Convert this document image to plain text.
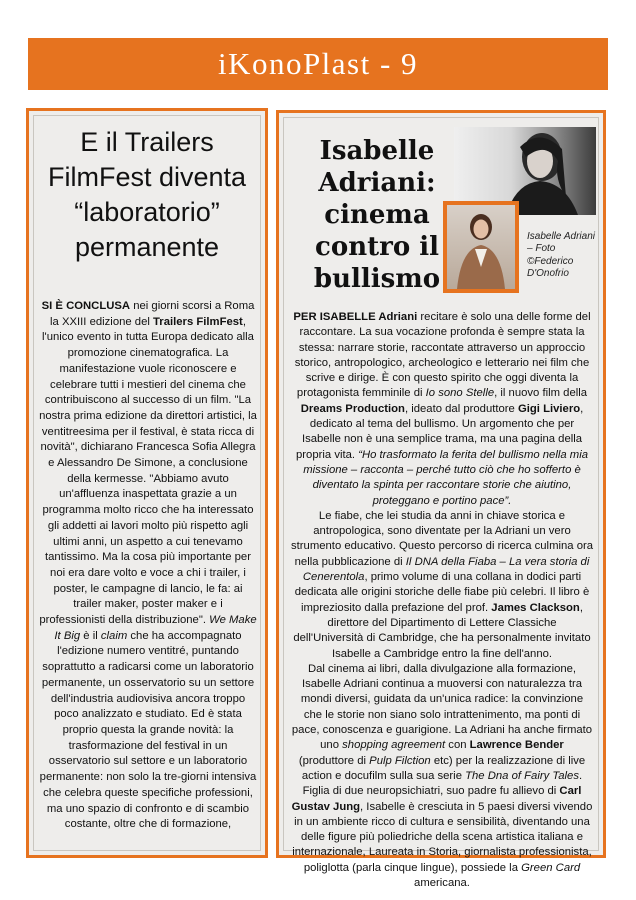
iKonoPlast - 9
E il Trailers FilmFest diventa “laboratorio” permanente
SI È CONCLUSA nei giorni scorsi a Roma la XXIII edizione del Trailers FilmFest, l'unico evento in tutta Europa dedicato alla promozione cinematografica. La manifestazione vuole riconoscere e celebrare tutti i mestieri del cinema che contribuiscono al successo di un film. "La nostra prima edizione da direttori artistici, la ventitreesima per il festival, è stata ricca di novità", dichiarano Francesca Sofia Allegra e Alessandro De Simone, a conclusione della kermesse. "Abbiamo avuto un'affluenza inaspettata grazie a un programma molto ricco che ha interessato gli addetti ai lavori molto più rispetto agli ultimi anni, un aspetto a cui tenevamo tantissimo. Ma la cosa più importante per noi era dare volto e voce a chi i trailer, i poster, le campagne di lancio, le fa: ai trailer maker, poster maker e i professionisti della distribuzione". We Make It Big è il claim che ha accompagnato l'edizione numero ventitré, puntando soprattutto a radicarsi come un laboratorio permanente, un osservatorio su un settore dell'industria audiovisiva ancora troppo poco analizzato e studiato. Ed è stata proprio questa la grande novità: la trasformazione del festival in un osservatorio sul settore e un laboratorio permanente: non solo la tre-giorni intensiva che celebra queste specifiche professioni, ma uno spazio di confronto e di scambio costante, oltre che di formazione,
Isabelle Adriani: cinema contro il bullismo
Isabelle Adriani – Foto ©Federico D'Onofrio
PER ISABELLE Adriani recitare è solo una delle forme del raccontare. La sua vocazione profonda è sempre stata la stessa: narrare storie, raccontate attraverso un approccio storico, antropologico, archeologico e letterario nei film che scrive e dirige. È con questo spirito che oggi diventa la protagonista femminile di Io sono Stelle, il nuovo film della Dreams Production, ideato dal produttore Gigi Liviero, dedicato al tema del bullismo. Un argomento che per Isabelle non è una semplice trama, ma una pagina della propria vita. “Ho trasformato la ferita del bullismo nella mia missione – racconta – perché tutto ciò che ho sofferto è diventato la spinta per raccontare storie che aiutino, proteggano e portino pace”.
Le fiabe, che lei studia da anni in chiave storica e antropologica, sono diventate per la Adriani un vero strumento educativo. Questo percorso di ricerca culmina ora nella pubblicazione di Il DNA della Fiaba – La vera storia di Cenerentola, primo volume di una collana in dodici parti dedicata alle origini storiche delle fiabe più celebri. Il libro è impreziosito dalla prefazione del prof. James Clackson, direttore del Dipartimento di Lettere Classiche dell'Università di Cambridge, che ha personalmente invitato Isabelle a Cambridge entro la fine dell'anno.
Dal cinema ai libri, dalla divulgazione alla formazione, Isabelle Adriani continua a muoversi con naturalezza tra mondi diversi, guidata da un'unica radice: la convinzione che le storie non siano solo intrattenimento, ma ponti di pace, conoscenza e guarigione. La Adriani ha anche firmato uno shopping agreement con Lawrence Bender (produttore di Pulp Filction etc) per la realizzazione di live action e docufilm sulla sua serie The Dna of Fairy Tales.
Figlia di due neuropsichiatri, suo padre fu allievo di Carl Gustav Jung, Isabelle è cresciuta in 5 paesi diversi vivendo in un ambiente ricco di cultura e sensibilità, diventando una delle figure più poliedriche della scena artistica italiana e internazionale, Laureata in Storia, giornalista professionista, poliglotta (parla cinque lingue), possiede la Green Card americana.
